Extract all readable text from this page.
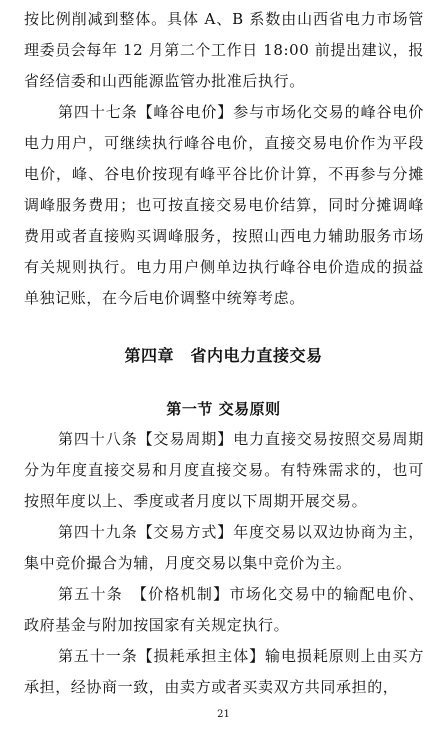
按比例削减到整体。具体 A、B 系数由山西省电力市场管理委员会每年 12 月第二个工作日 18:00 前提出建议，报省经信委和山西能源监管办批准后执行。

第四十七条【峰谷电价】参与市场化交易的峰谷电价电力用户，可继续执行峰谷电价，直接交易电价作为平段电价，峰、谷电价按现有峰平谷比价计算，不再参与分摊调峰服务费用；也可按直接交易电价结算，同时分摊调峰费用或者直接购买调峰服务，按照山西电力辅助服务市场有关规则执行。电力用户侧单边执行峰谷电价造成的损益单独记账，在今后电价调整中统筹考虑。

第四章　省内电力直接交易
第一节 交易原则

第四十八条【交易周期】电力直接交易按照交易周期分为年度直接交易和月度直接交易。有特殊需求的，也可按照年度以上、季度或者月度以下周期开展交易。

第四十九条【交易方式】年度交易以双边协商为主，集中竞价撮合为辅，月度交易以集中竞价为主。

第五十条　【价格机制】市场化交易中的输配电价、政府基金与附加按国家有关规定执行。

第五十一条【损耗承担主体】输电损耗原则上由买方承担，经协商一致，由卖方或者买卖双方共同承担的，

21
